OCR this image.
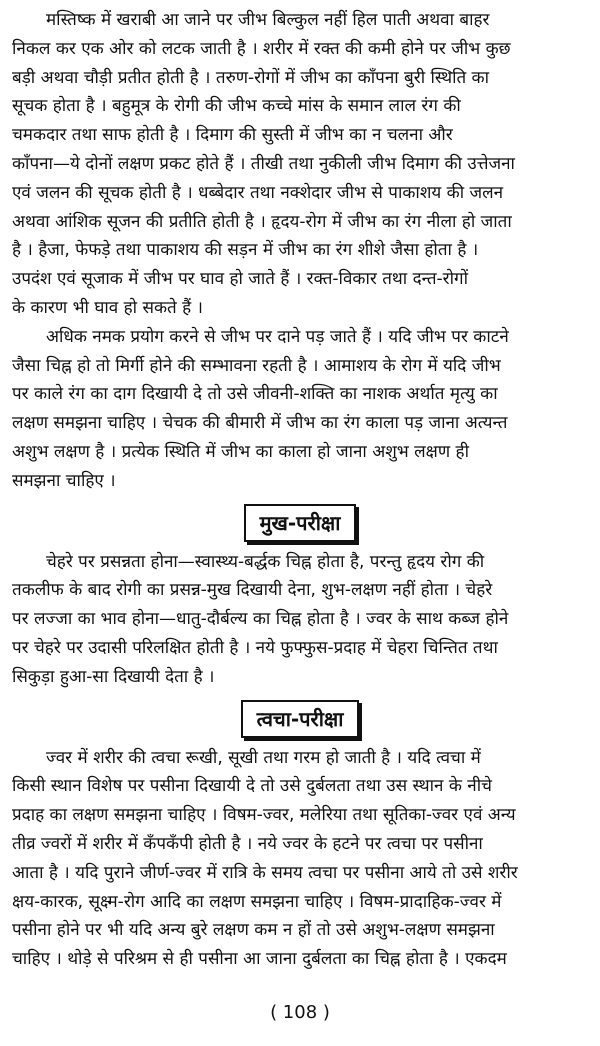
मस्तिष्क में खराबी आ जाने पर जीभ बिल्कुल नहीं हिल पाती अथवा बाहर
निकल कर एक ओर को लटक जाती है । शरीर में रक्त की कमी होने पर जीभ कुछ
बड़ी अथवा चौड़ी प्रतीत होती है । तरुण-रोगों में जीभ का काँपना बुरी स्थिति का
सूचक होता है । बहुमूत्र के रोगी की जीभ कच्चे मांस के समान लाल रंग की
चमकदार तथा साफ होती है । दिमाग की सुस्ती में जीभ का न चलना और
काँपना—ये दोनों लक्षण प्रकट होते हैं । तीखी तथा नुकीली जीभ दिमाग की उत्तेजना
एवं जलन की सूचक होती है । धब्बेदार तथा नक्शेदार जीभ से पाकाशय की जलन
अथवा आंशिक सूजन की प्रतीति होती है । हृदय-रोग में जीभ का रंग नीला हो जाता
है । हैजा, फेफड़े तथा पाकाशय की सड़न में जीभ का रंग शीशे जैसा होता है ।
उपदंश एवं सूजाक में जीभ पर घाव हो जाते हैं । रक्त-विकार तथा दन्त-रोगों
के कारण भी घाव हो सकते हैं ।
अधिक नमक प्रयोग करने से जीभ पर दाने पड़ जाते हैं । यदि जीभ पर काटने
जैसा चिह्न हो तो मिर्गी होने की सम्भावना रहती है । आमाशय के रोग में यदि जीभ
पर काले रंग का दाग दिखायी दे तो उसे जीवनी-शक्ति का नाशक अर्थात मृत्यु का
लक्षण समझना चाहिए । चेचक की बीमारी में जीभ का रंग काला पड़ जाना अत्यन्त
अशुभ लक्षण है । प्रत्येक स्थिति में जीभ का काला हो जाना अशुभ लक्षण ही
समझना चाहिए ।
मुख-परीक्षा
चेहरे पर प्रसन्नता होना—स्वास्थ्य-बर्द्धक चिह्न होता है, परन्तु हृदय रोग की
तकलीफ के बाद रोगी का प्रसन्न-मुख दिखायी देना, शुभ-लक्षण नहीं होता । चेहरे
पर लज्जा का भाव होना—धातु-दौर्बल्य का चिह्न होता है । ज्वर के साथ कब्ज होने
पर चेहरे पर उदासी परिलक्षित होती है । नये फुफ्फुस-प्रदाह में चेहरा चिन्तित तथा
सिकुड़ा हुआ-सा दिखायी देता है ।
त्वचा-परीक्षा
ज्वर में शरीर की त्वचा रूखी, सूखी तथा गरम हो जाती है । यदि त्वचा में
किसी स्थान विशेष पर पसीना दिखायी दे तो उसे दुर्बलता तथा उस स्थान के नीचे
प्रदाह का लक्षण समझना चाहिए । विषम-ज्वर, मलेरिया तथा सूतिका-ज्वर एवं अन्य
तीव्र ज्वरों में शरीर में कँपकँपी होती है । नये ज्वर के हटने पर त्वचा पर पसीना
आता है । यदि पुराने जीर्ण-ज्वर में रात्रि के समय त्वचा पर पसीना आये तो उसे शरीर
क्षय-कारक, सूक्ष्म-रोग आदि का लक्षण समझना चाहिए । विषम-प्रादाहिक-ज्वर में
पसीना होने पर भी यदि अन्य बुरे लक्षण कम न हों तो उसे अशुभ-लक्षण समझना
चाहिए । थोड़े से परिश्रम से ही पसीना आ जाना दुर्बलता का चिह्न होता है । एकदम
( 108 )
